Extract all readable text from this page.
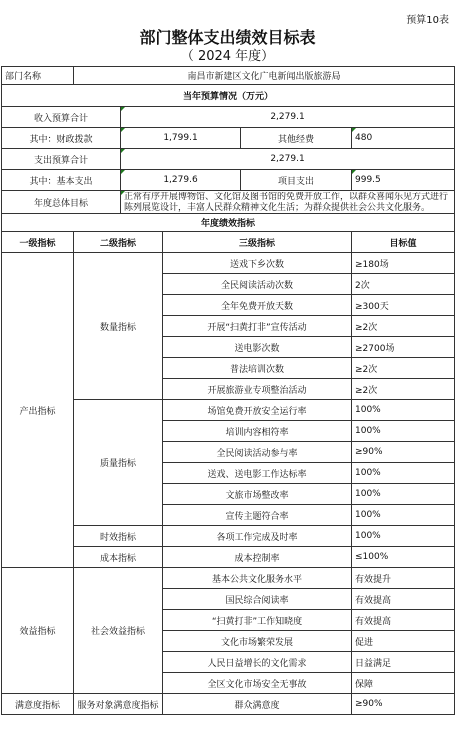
预算10表
部门整体支出绩效目标表
（ 2024 年度）
部门名称	南昌市新建区文化广电新闻出版旅游局				
当年预算情况（万元）					
收入预算合计		2,279.1			
其中：财政拨款		1,799.1		其他经费	480
支出预算合计		2,279.1			
其中：基本支出		1,279.6		项目支出	999.5
年度总体目标		正常有序开展博物馆、文化馆及图书馆的免费开放工作，以群众喜闻乐见方式进行陈列展览设计，丰富人民群众精神文化生活；为群众提供社会公共文化服务。			

年度绩效指标					
一级指标	二级指标		三级指标		目标值
产出指标	数量指标		送戏下乡次数		≥180场
			全民阅读活动次数		2次
			全年免费开放天数		≥300天
			开展“扫黄打非”宣传活动		≥2次
			送电影次数		≥2700场
			普法培训次数		≥2次
			开展旅游业专项整治活动		≥2次
	质量指标		场馆免费开放安全运行率		100%
			培训内容相符率		100%
			全民阅读活动参与率		≥90%
			送戏、送电影工作达标率		100%
			文旅市场整改率		100%
			宣传主题符合率		100%
	时效指标		各项工作完成及时率		100%
	成本指标		成本控制率		≤100%
效益指标	社会效益指标		基本公共文化服务水平		有效提升
			国民综合阅读率		有效提高
			“扫黄打非”工作知晓度		有效提高
			文化市场繁荣发展		促进
			人民日益增长的文化需求		日益满足
			全区文化市场安全无事故		保障
满意度指标	服务对象满意度指标		群众满意度		≥90%
